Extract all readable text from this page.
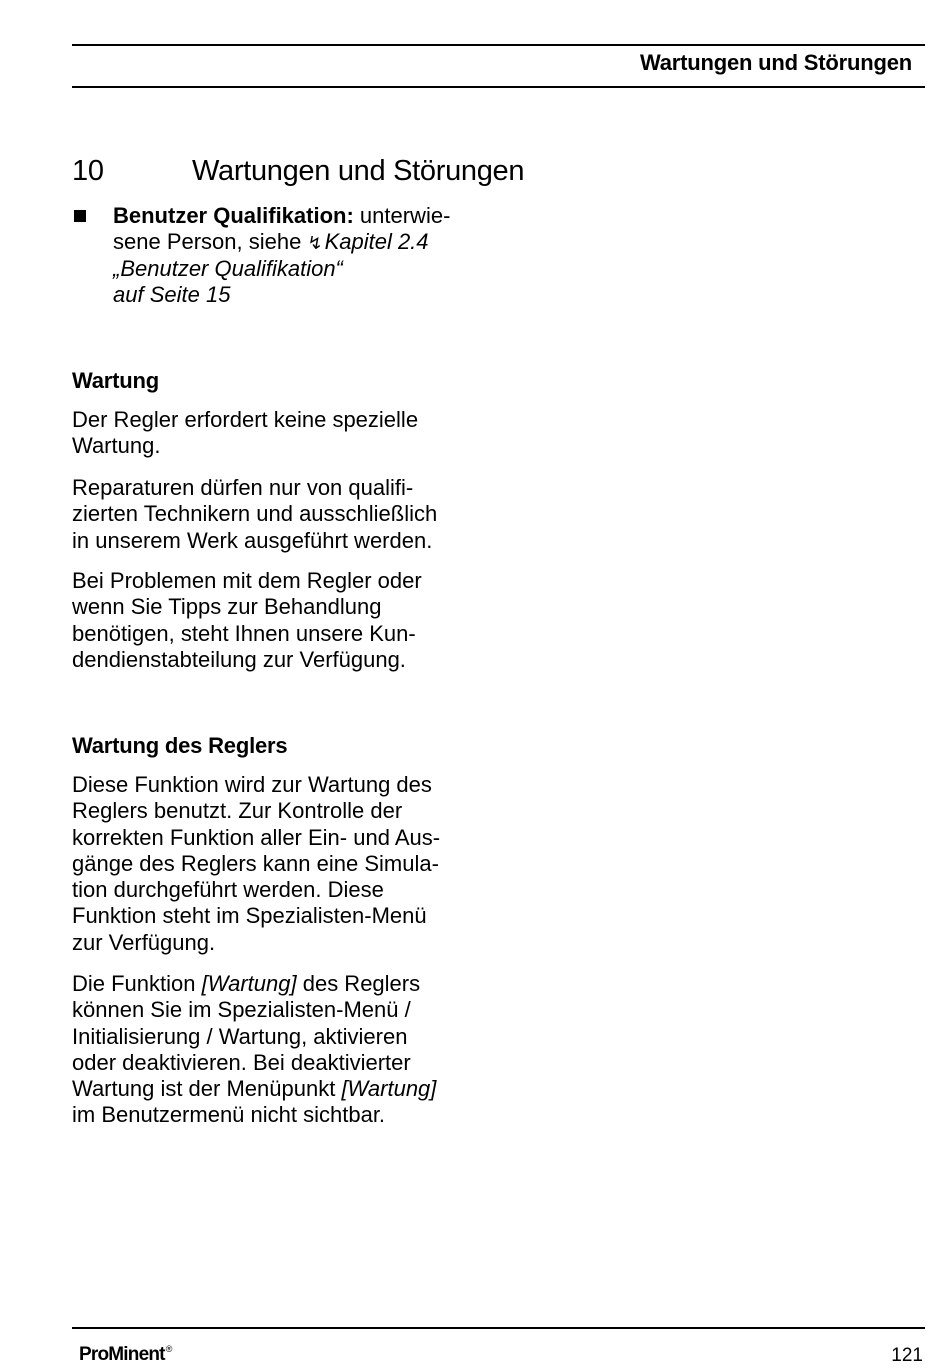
Wartungen und Störungen
10	Wartungen und Störungen
Benutzer Qualifikation: unterwie-
sene Person, siehe ↯Kapitel 2.4
„Benutzer Qualifikation“
auf Seite 15
Wartung

Der Regler erfordert keine spezielle
Wartung.

Reparaturen dürfen nur von qualifi-
zierten Technikern und ausschließlich
in unserem Werk ausgeführt werden.

Bei Problemen mit dem Regler oder
wenn Sie Tipps zur Behandlung
benötigen, steht Ihnen unsere Kun-
dendienstabteilung zur Verfügung.

Wartung des Reglers

Diese Funktion wird zur Wartung des
Reglers benutzt. Zur Kontrolle der
korrekten Funktion aller Ein- und Aus-
gänge des Reglers kann eine Simula-
tion durchgeführt werden. Diese
Funktion steht im Spezialisten-Menü
zur Verfügung.

Die Funktion [Wartung] des Reglers
können Sie im Spezialisten-Menü /
Initialisierung / Wartung, aktivieren
oder deaktivieren. Bei deaktivierter
Wartung ist der Menüpunkt [Wartung]
im Benutzermenü nicht sichtbar.

ProMinent®	121
